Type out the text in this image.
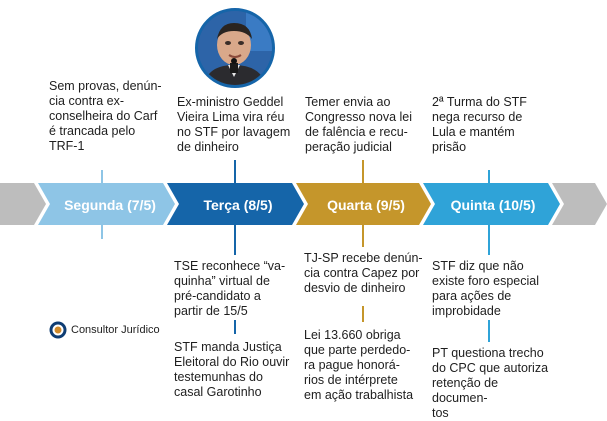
Segunda (7/5)	Terça (8/5)	Quarta (9/5)	Quinta (10/5)
Sem provas, denún-
cia contra ex-
conselheira do Carf
é trancada pelo
TRF-1
Ex-ministro Geddel
Vieira Lima vira réu
no STF por lavagem
de dinheiro
Temer envia ao
Congresso nova lei
de falência e recu-
peração judicial
2ª Turma do STF
nega recurso de
Lula e mantém
prisão
TSE reconhece “va-
quinha” virtual de
pré-candidato a
partir de 15/5
STF manda Justiça
Eleitoral do Rio ouvir
testemunhas do
casal Garotinho
TJ-SP recebe denún-
cia contra Capez por
desvio de dinheiro
Lei 13.660 obriga
que parte perdedo-
ra pague honorá-
rios de intérprete
em ação trabalhista
STF diz que não
existe foro especial
para ações de
improbidade
PT questiona trecho
do CPC que autoriza
retenção de documen-
tos
Consultor Jurídico
